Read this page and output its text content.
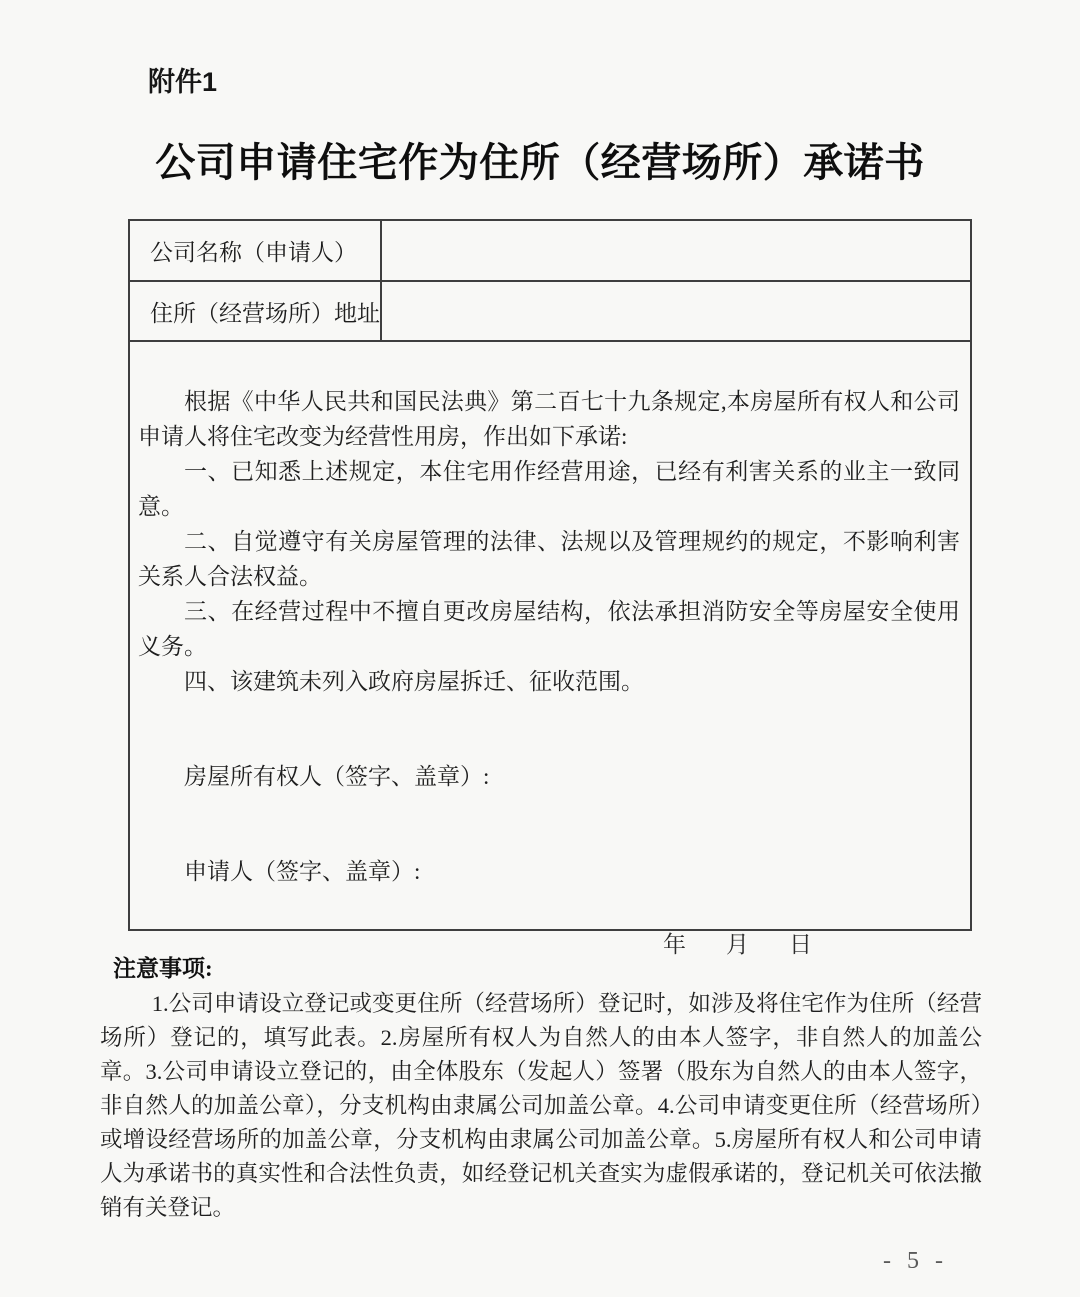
附件1
公司申请住宅作为住所（经营场所）承诺书
公司名称（申请人）
住所（经营场所）地址

根据《中华人民共和国民法典》第二百七十九条规定,本房屋所有权人和公司申请人将住宅改变为经营性用房，作出如下承诺:

一、已知悉上述规定，本住宅用作经营用途，已经有利害关系的业主一致同意。

二、自觉遵守有关房屋管理的法律、法规以及管理规约的规定，不影响利害关系人合法权益。

三、在经营过程中不擅自更改房屋结构，依法承担消防安全等房屋安全使用义务。

四、该建筑未列入政府房屋拆迁、征收范围。

房屋所有权人（签字、盖章）:

申请人（签字、盖章）:

年 月 日
注意事项:

1.公司申请设立登记或变更住所（经营场所）登记时，如涉及将住宅作为住所（经营场所）登记的，填写此表。2.房屋所有权人为自然人的由本人签字，非自然人的加盖公章。3.公司申请设立登记的，由全体股东（发起人）签署（股东为自然人的由本人签字，非自然人的加盖公章），分支机构由隶属公司加盖公章。4.公司申请变更住所（经营场所）或增设经营场所的加盖公章，分支机构由隶属公司加盖公章。5.房屋所有权人和公司申请人为承诺书的真实性和合法性负责，如经登记机关查实为虚假承诺的，登记机关可依法撤销有关登记。

- 5 -
